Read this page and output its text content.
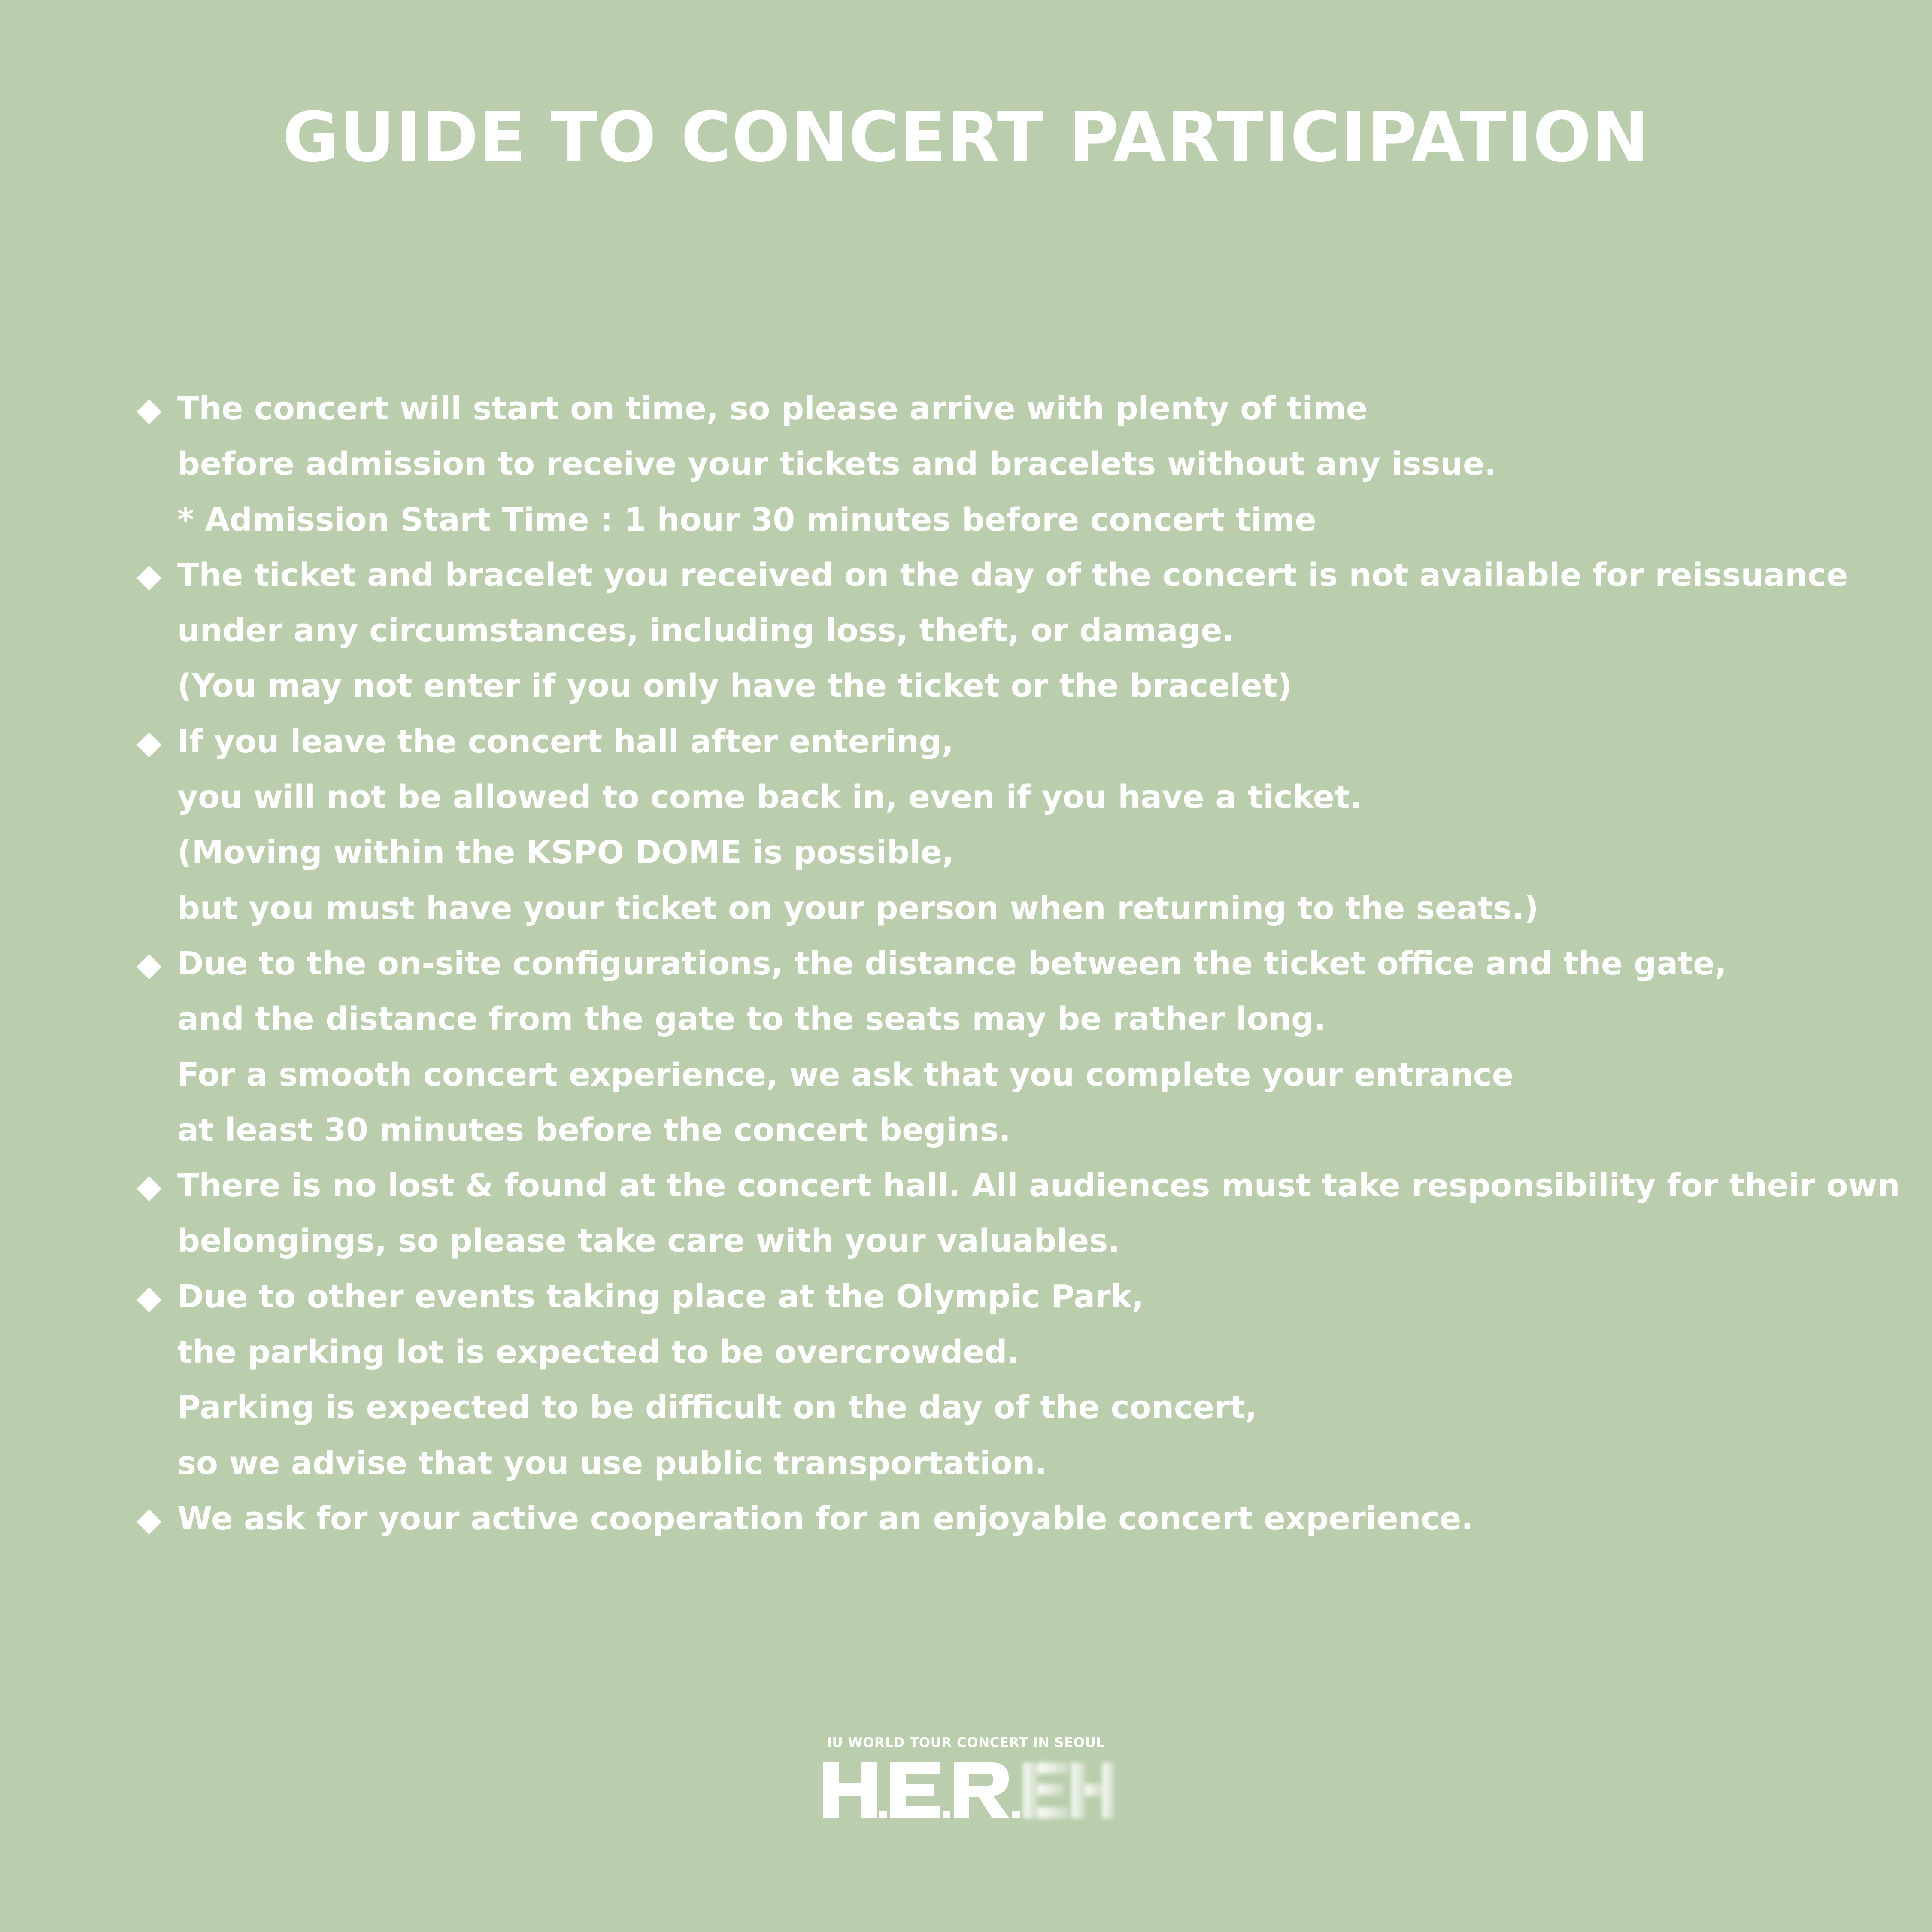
GUIDE TO CONCERT PARTICIPATION
◆ The concert will start on time, so please arrive with plenty of time
before admission to receive your tickets and bracelets without any issue.
* Admission Start Time : 1 hour 30 minutes before concert time
◆ The ticket and bracelet you received on the day of the concert is not available for reissuance
under any circumstances, including loss, theft, or damage.
(You may not enter if you only have the ticket or the bracelet)
◆ If you leave the concert hall after entering,
you will not be allowed to come back in, even if you have a ticket.
(Moving within the KSPO DOME is possible,
but you must have your ticket on your person when returning to the seats.)
◆ Due to the on-site configurations, the distance between the ticket office and the gate,
and the distance from the gate to the seats may be rather long.
For a smooth concert experience, we ask that you complete your entrance
at least 30 minutes before the concert begins.
◆ There is no lost & found at the concert hall. All audiences must take responsibility for their own
belongings, so please take care with your valuables.
◆ Due to other events taking place at the Olympic Park,
the parking lot is expected to be overcrowded.
Parking is expected to be difficult on the day of the concert,
so we advise that you use public transportation.
◆ We ask for your active cooperation for an enjoyable concert experience.
IU WORLD TOUR CONCERT IN SEOUL
